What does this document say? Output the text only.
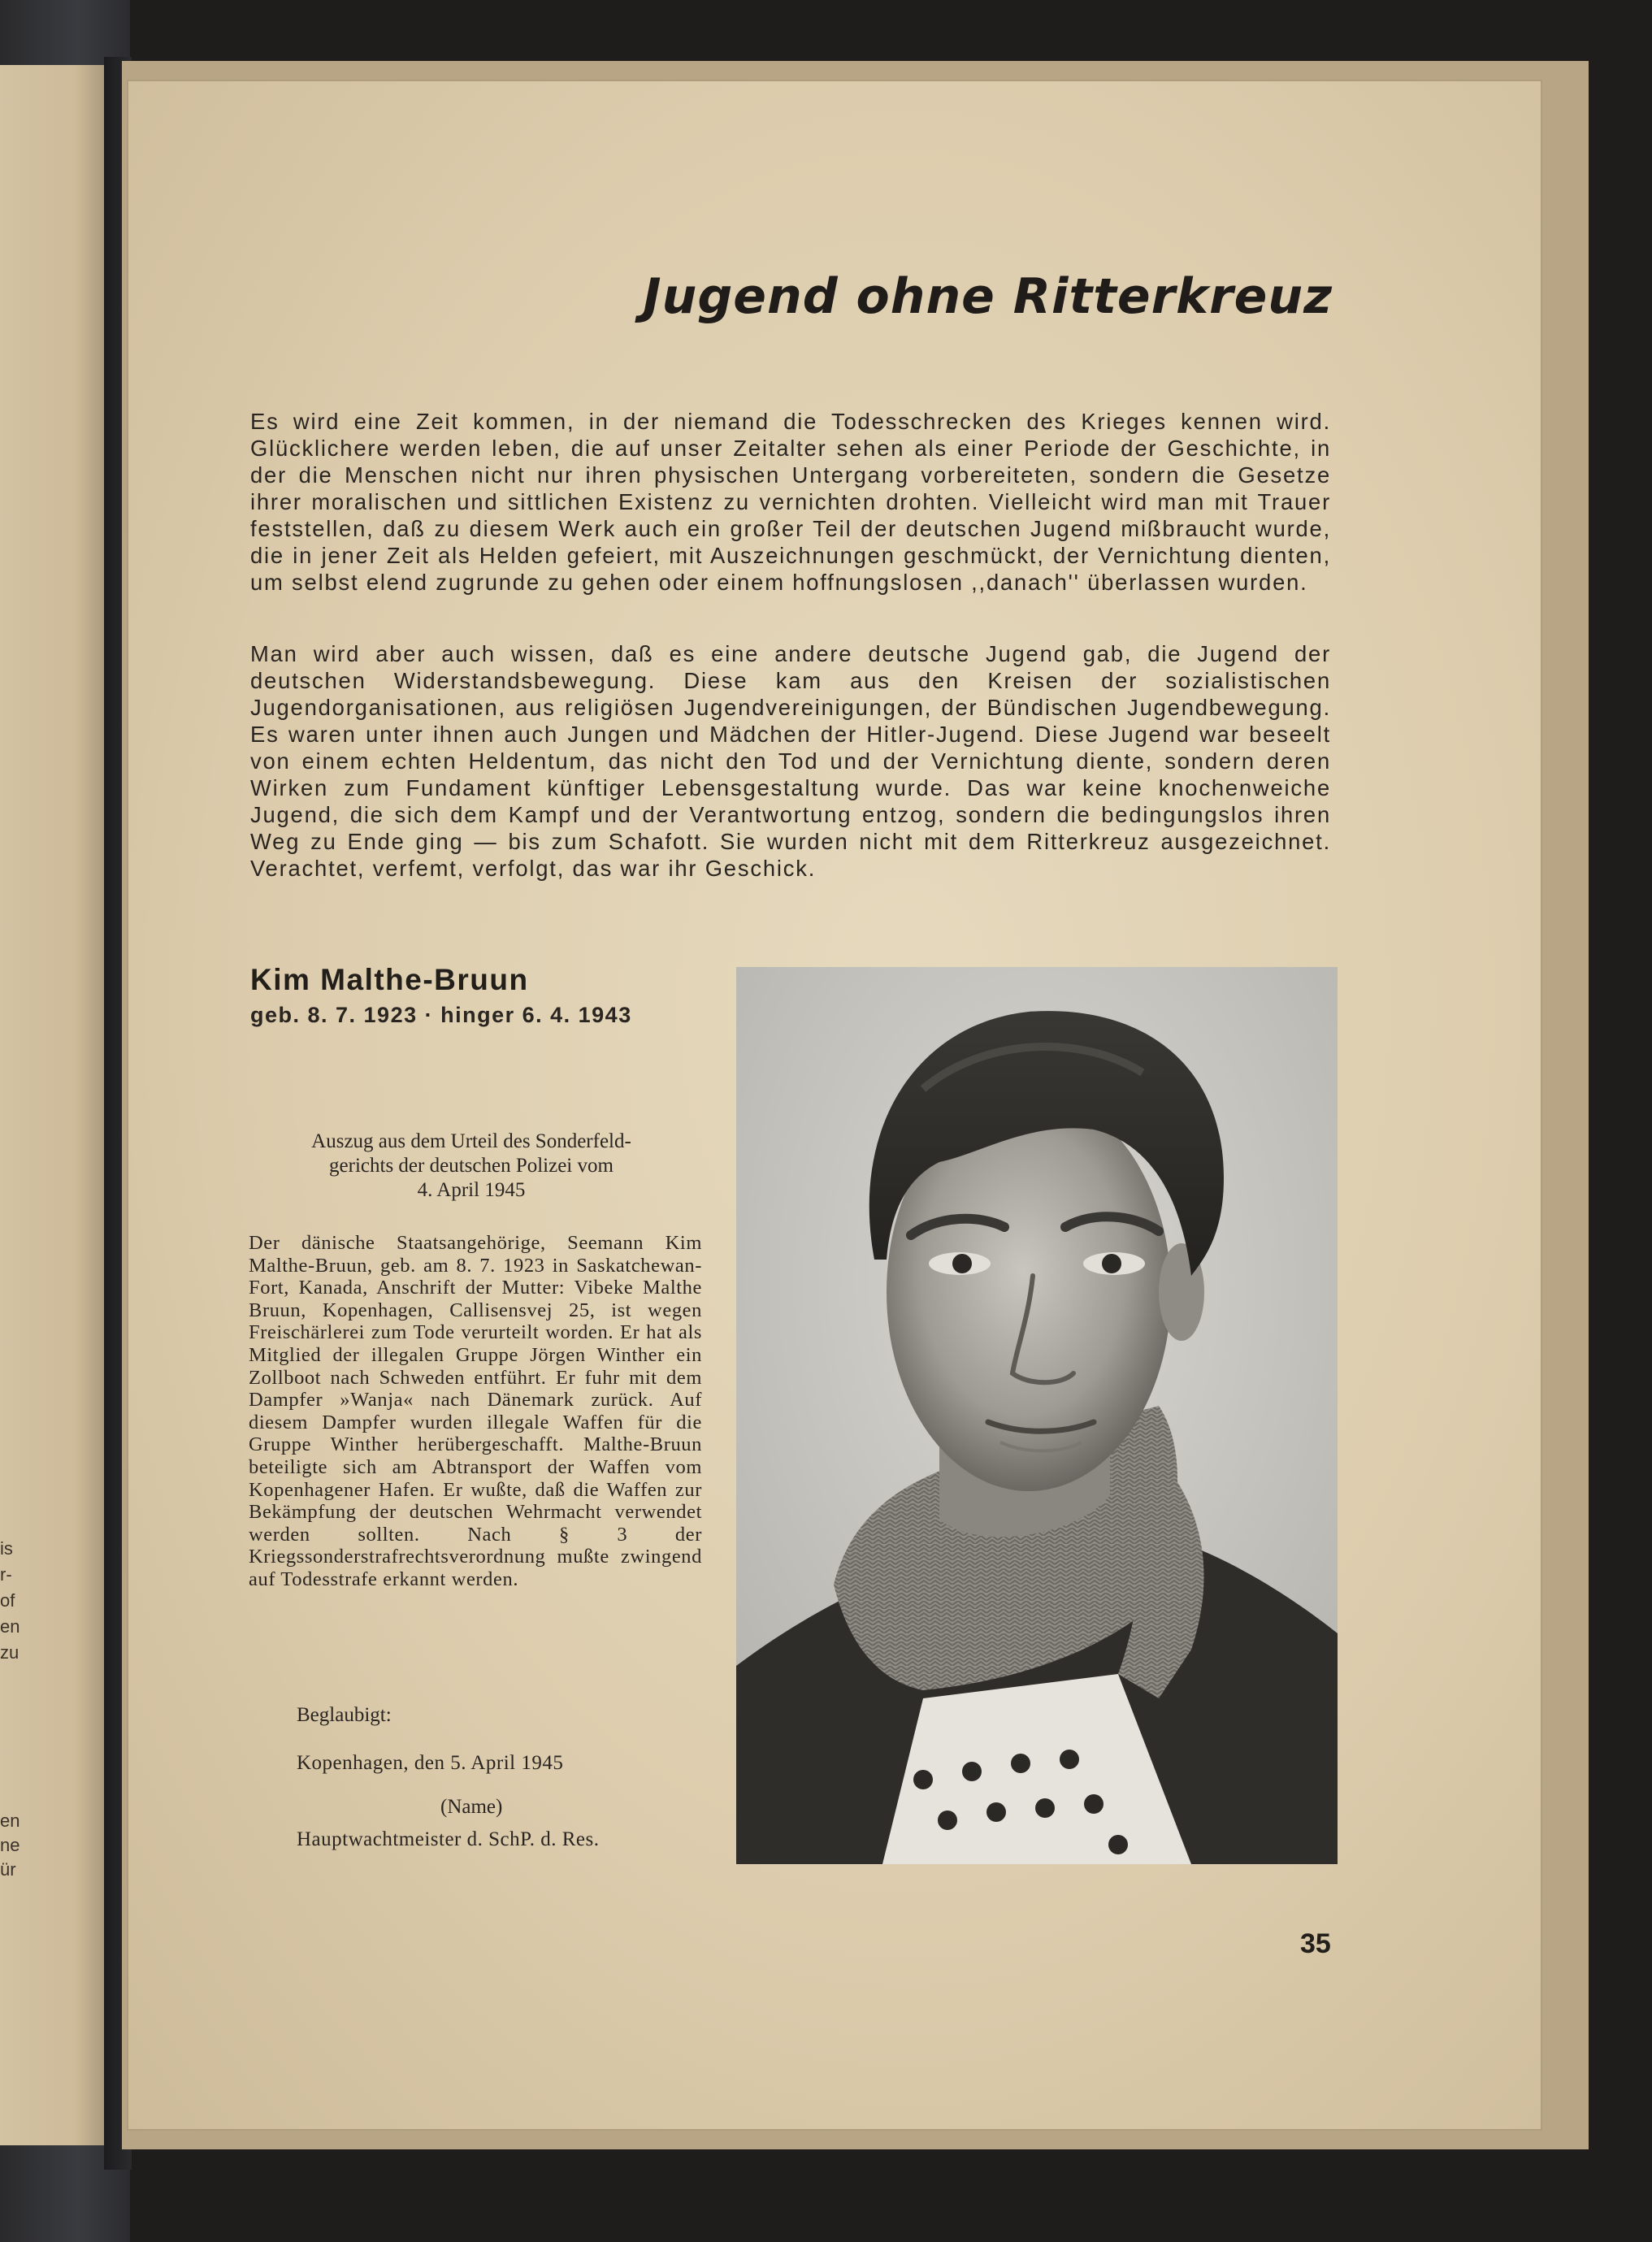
en
ne
ür
is
r-
of
en
zu
Jugend ohne Ritterkreuz

Es wird eine Zeit kommen, in der niemand die Todesschrecken des Krieges kennen wird. Glücklichere werden leben, die auf unser Zeitalter sehen als einer Periode der Geschichte, in der die Menschen nicht nur ihren physischen Untergang vorbereiteten, sondern die Gesetze ihrer moralischen und sittlichen Existenz zu vernichten drohten. Vielleicht wird man mit Trauer feststellen, daß zu diesem Werk auch ein großer Teil der deutschen Jugend mißbraucht wurde, die in jener Zeit als Helden gefeiert, mit Auszeichnungen geschmückt, der Vernichtung dienten, um selbst elend zugrunde zu gehen oder einem hoffnungslosen ,,danach'' überlassen wurden.

Man wird aber auch wissen, daß es eine andere deutsche Jugend gab, die Jugend der deutschen Widerstandsbewegung. Diese kam aus den Kreisen der sozialistischen Jugendorganisationen, aus religiösen Jugendvereinigungen, der Bündischen Jugendbewegung. Es waren unter ihnen auch Jungen und Mädchen der Hitler-Jugend. Diese Jugend war beseelt von einem echten Heldentum, das nicht den Tod und der Vernichtung diente, sondern deren Wirken zum Fundament künftiger Lebensgestaltung wurde. Das war keine knochenweiche Jugend, die sich dem Kampf und der Verantwortung entzog, sondern die bedingungslos ihren Weg zu Ende ging — bis zum Schafott. Sie wurden nicht mit dem Ritterkreuz ausgezeichnet. Verachtet, verfemt, verfolgt, das war ihr Geschick.

Kim Malthe-Bruun
geb. 8. 7. 1923 · hinger 6. 4. 1943
Auszug aus dem Urteil des Sonderfeld-
gerichts der deutschen Polizei vom
4. April 1945

Der dänische Staatsangehörige, Seemann Kim Malthe-Bruun, geb. am 8. 7. 1923 in Saskatchewan-Fort, Kanada, Anschrift der Mutter: Vibeke Malthe Bruun, Kopenhagen, Callisensvej 25, ist wegen Freischärlerei zum Tode verurteilt worden. Er hat als Mitglied der illegalen Gruppe Jörgen Winther ein Zollboot nach Schweden entführt. Er fuhr mit dem Dampfer »Wanja« nach Dänemark zurück. Auf diesem Dampfer wurden illegale Waffen für die Gruppe Winther herübergeschafft. Malthe-Bruun beteiligte sich am Abtransport der Waffen vom Kopenhagener Hafen. Er wußte, daß die Waffen zur Bekämpfung der deutschen Wehrmacht verwendet werden sollten. Nach § 3 der Kriegssonderstrafrechtsverordnung mußte zwingend auf Todesstrafe erkannt werden.

Beglaubigt:
Kopenhagen, den 5. April 1945
(Name)
Hauptwachtmeister d. SchP. d. Res.
35
